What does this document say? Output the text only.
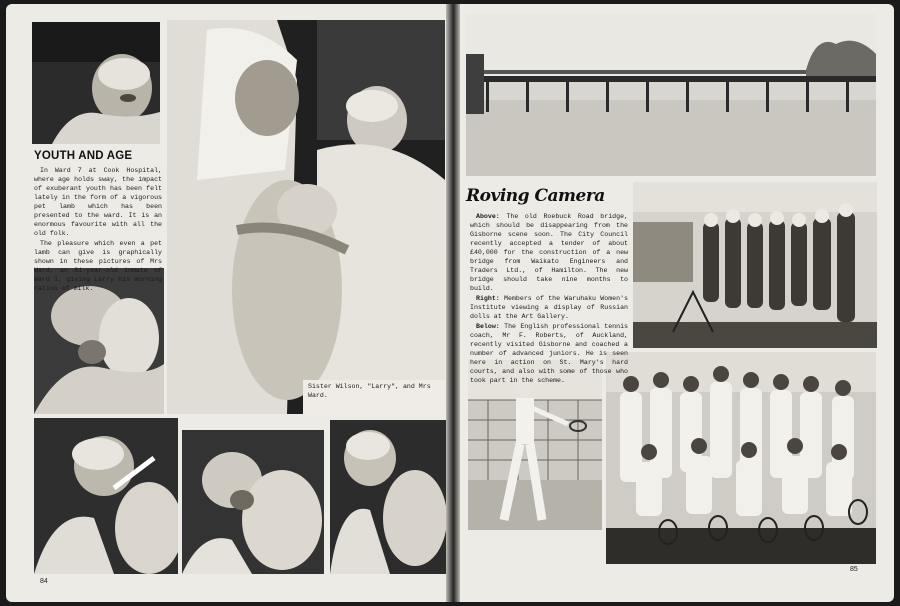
YOUTH AND AGE

In Ward 7 at Cook Hospital, where age holds sway, the impact of exuberant youth has been felt lately in the form of a vigorous pet lamb which has been presented to the ward. It is an enormous favourite with all the old folk.

The pleasure which even a pet lamb can give is graphically shown in these pictures of Mrs Ward, an 81-year-old inmate of Ward 1, giving Larry his morning ration of milk.

Sister Wilson, "Larry", and Mrs Ward.
84
Roving Camera

Above: The old Roebuck Road bridge, which should be disappearing from the Gisborne scene soon. The City Council recently accepted a tender of about £40,000 for the construction of a new bridge from Waikato Engineers and Traders Ltd., of Hamilton. The new bridge should take nine months to build.

Right: Members of the Waruhaku Women's Institute viewing a display of Russian dolls at the Art Gallery.

Below: The English professional tennis coach, Mr F. Roberts, of Auckland, recently visited Gisborne and coached a number of advanced juniors. He is seen here in action on St. Mary's hard courts, and also with some of those who took part in the scheme.

85
